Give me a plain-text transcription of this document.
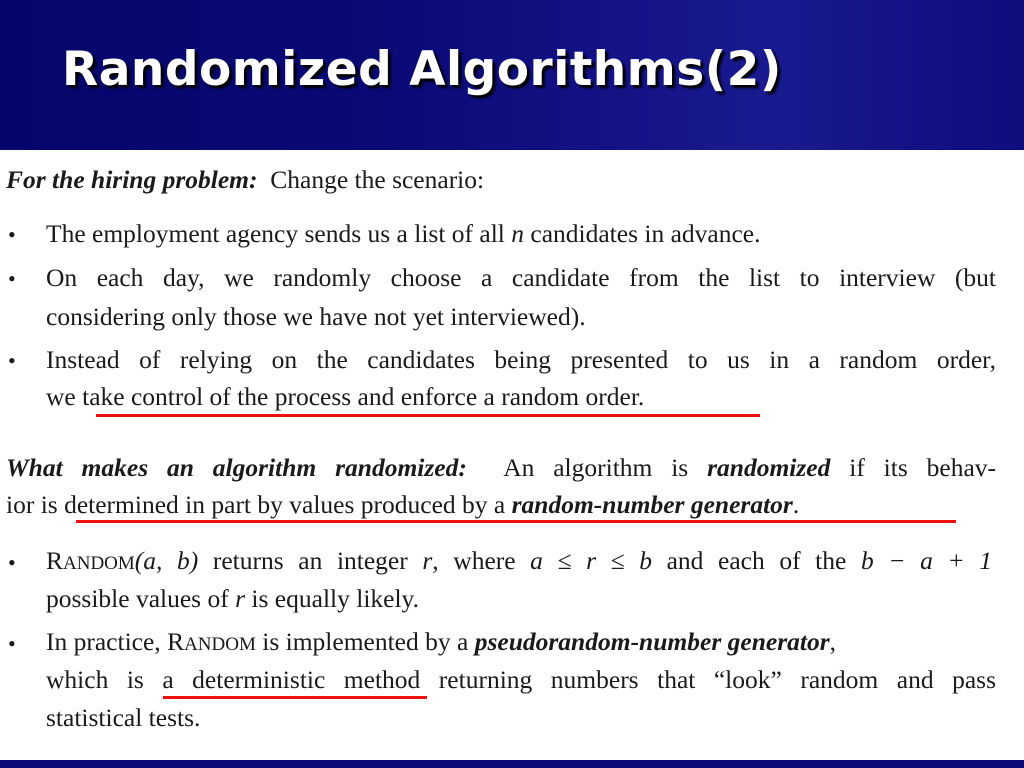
Randomized Algorithms(2)
For the hiring problem: Change the scenario:
• The employment agency sends us a list of all n candidates in advance.
• On each day, we randomly choose a candidate from the list to interview (but
considering only those we have not yet interviewed).
• Instead of relying on the candidates being presented to us in a random order,
we take control of the process and enforce a random order.
What makes an algorithm randomized: An algorithm is randomized if its behav-
ior is determined in part by values produced by a random-number generator.
• RANDOM(a, b) returns an integer r, where a ≤ r ≤ b and each of the b − a + 1
possible values of r is equally likely.
• In practice, RANDOM is implemented by a pseudorandom-number generator,
which is a deterministic method returning numbers that “look” random and pass
statistical tests.
